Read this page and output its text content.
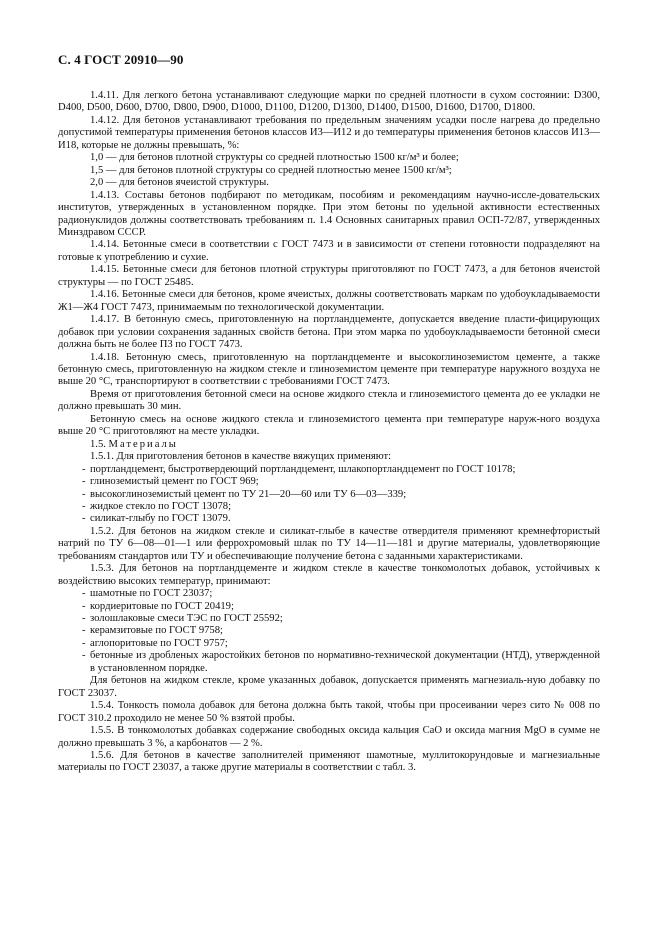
С. 4 ГОСТ 20910—90
1.4.11. Для легкого бетона устанавливают следующие марки по средней плотности в сухом состоянии: D300, D400, D500, D600, D700, D800, D900, D1000, D1100, D1200, D1300, D1400, D1500, D1600, D1700, D1800.
1.4.12. Для бетонов устанавливают требования по предельным значениям усадки после нагрева до предельно допустимой температуры применения бетонов классов И3—И12 и до температуры применения бетонов классов И13—И18, которые не должны превышать, %:
1,0 — для бетонов плотной структуры со средней плотностью 1500 кг/м³ и более;
1,5 — для бетонов плотной структуры со средней плотностью менее 1500 кг/м³;
2,0 — для бетонов ячеистой структуры.
1.4.13. Составы бетонов подбирают по методикам, пособиям и рекомендациям научно-иссле-довательских институтов, утвержденных в установленном порядке. При этом бетоны по удельной активности естественных радионуклидов должны соответствовать требованиям п. 1.4 Основных санитарных правил ОСП-72/87, утвержденных Минздравом СССР.
1.4.14. Бетонные смеси в соответствии с ГОСТ 7473 и в зависимости от степени готовности подразделяют на готовые к употреблению и сухие.
1.4.15. Бетонные смеси для бетонов плотной структуры приготовляют по ГОСТ 7473, а для бетонов ячеистой структуры — по ГОСТ 25485.
1.4.16. Бетонные смеси для бетонов, кроме ячеистых, должны соответствовать маркам по удобоукладываемости Ж1—Ж4 ГОСТ 7473, принимаемым по технологической документации.
1.4.17. В бетонную смесь, приготовленную на портландцементе, допускается введение пласти-фицирующих добавок при условии сохранения заданных свойств бетона. При этом марка по удобоукладываемости бетонной смеси должна быть не более П3 по ГОСТ 7473.
1.4.18. Бетонную смесь, приготовленную на портландцементе и высокоглиноземистом цементе, а также бетонную смесь, приготовленную на жидком стекле и глиноземистом цементе при температуре наружного воздуха не выше 20 °С, транспортируют в соответствии с требованиями ГОСТ 7473.
Время от приготовления бетонной смеси на основе жидкого стекла и глиноземистого цемента до ее укладки не должно превышать 30 мин.
Бетонную смесь на основе жидкого стекла и глиноземистого цемента при температуре наруж-ного воздуха выше 20 °С приготовляют на месте укладки.
1.5. Материалы
1.5.1. Для приготовления бетонов в качестве вяжущих применяют:
- портландцемент, быстротвердеющий портландцемент, шлакопортландцемент по ГОСТ 10178;
- глиноземистый цемент по ГОСТ 969;
- высокоглиноземистый цемент по ТУ 21—20—60 или ТУ 6—03—339;
- жидкое стекло по ГОСТ 13078;
- силикат-глыбу по ГОСТ 13079.
1.5.2. Для бетонов на жидком стекле и силикат-глыбе в качестве отвердителя применяют кремнефтористый натрий по ТУ 6—08—01—1 или феррохромовый шлак по ТУ 14—11—181 и другие материалы, удовлетворяющие требованиям стандартов или ТУ и обеспечивающие получение бетона с заданными характеристиками.
1.5.3. Для бетонов на портландцементе и жидком стекле в качестве тонкомолотых добавок, устойчивых к воздействию высоких температур, принимают:
- шамотные по ГОСТ 23037;
- кордиеритовые по ГОСТ 20419;
- золошлаковые смеси ТЭС по ГОСТ 25592;
- керамзитовые по ГОСТ 9758;
- аглопоритовые по ГОСТ 9757;
- бетонные из дробленых жаростойких бетонов по нормативно-технической документации (НТД), утвержденной в установленном порядке.
Для бетонов на жидком стекле, кроме указанных добавок, допускается применять магнезиаль-ную добавку по ГОСТ 23037.
1.5.4. Тонкость помола добавок для бетона должна быть такой, чтобы при просеивании через сито № 008 по ГОСТ 310.2 проходило не менее 50 % взятой пробы.
1.5.5. В тонкомолотых добавках содержание свободных оксида кальция CaO и оксида магния MgO в сумме не должно превышать 3 %, а карбонатов — 2 %.
1.5.6. Для бетонов в качестве заполнителей применяют шамотные, муллитокорундовые и магнезиальные материалы по ГОСТ 23037, а также другие материалы в соответствии с табл. 3.
